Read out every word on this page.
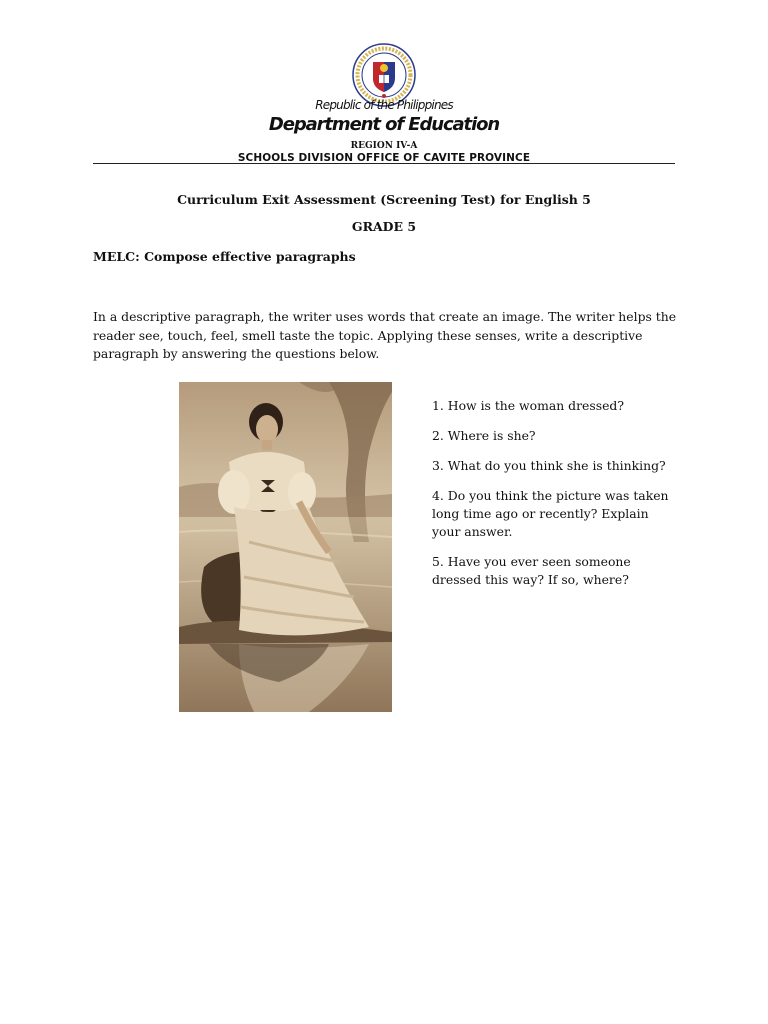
Republic of the Philippines
Department of Education
REGION IV-A
SCHOOLS DIVISION OFFICE OF CAVITE PROVINCE
Curriculum Exit Assessment (Screening Test) for English 5
GRADE 5
MELC: Compose effective paragraphs

In a descriptive paragraph, the writer uses words that create an image. The writer helps the reader see, touch, feel, smell taste the topic. Applying these senses, write a descriptive paragraph by answering the questions below.

1. How is the woman dressed?
2. Where is she?
3. What do you think she is thinking?
4. Do you think the picture was taken long time ago or recently? Explain your answer.
5. Have you ever seen someone dressed this way? If so, where?
